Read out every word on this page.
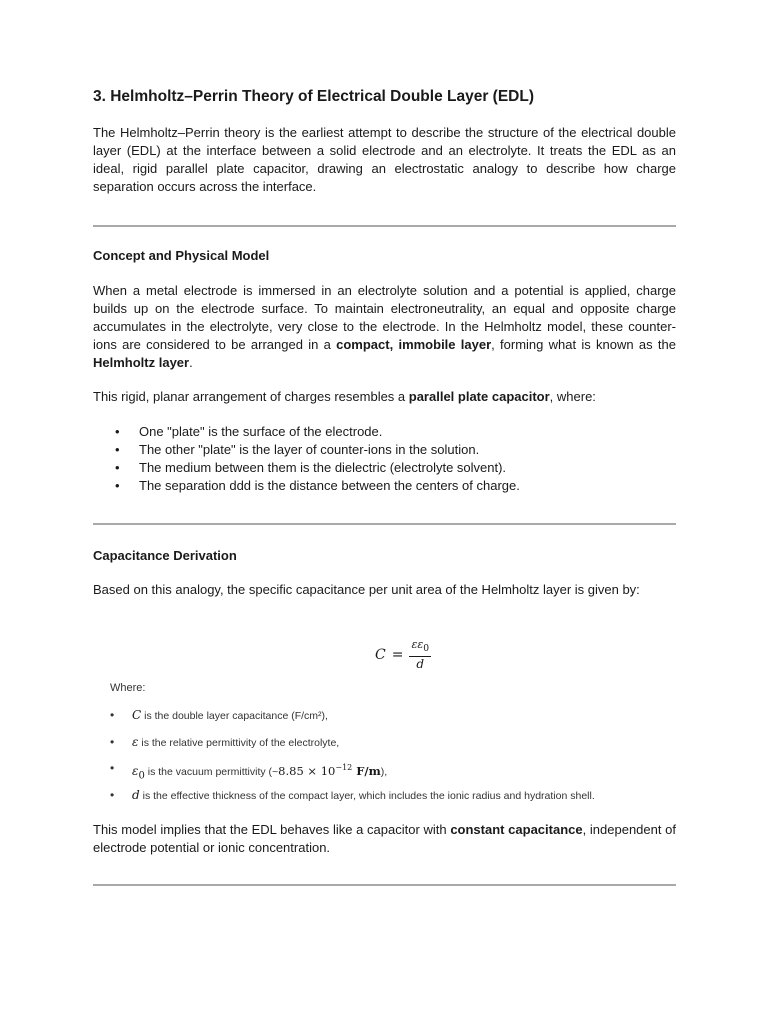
3. Helmholtz–Perrin Theory of Electrical Double Layer (EDL)

The Helmholtz–Perrin theory is the earliest attempt to describe the structure of the electrical double layer (EDL) at the interface between a solid electrode and an electrolyte. It treats the EDL as an ideal, rigid parallel plate capacitor, drawing an electrostatic analogy to describe how charge separation occurs across the interface.

Concept and Physical Model

When a metal electrode is immersed in an electrolyte solution and a potential is applied, charge builds up on the electrode surface. To maintain electroneutrality, an equal and opposite charge accumulates in the electrolyte, very close to the electrode. In the Helmholtz model, these counter-ions are considered to be arranged in a compact, immobile layer, forming what is known as the Helmholtz layer.

This rigid, planar arrangement of charges resembles a parallel plate capacitor, where:

• One "plate" is the surface of the electrode.
• The other "plate" is the layer of counter-ions in the solution.
• The medium between them is the dielectric (electrolyte solvent).
• The separation ddd is the distance between the centers of charge.
Capacitance Derivation

Based on this analogy, the specific capacitance per unit area of the Helmholtz layer is given by:

$C = \frac{\varepsilon\varepsilon_0}{d}$

Where:

• C is the double layer capacitance (F/cm²),
• ε is the relative permittivity of the electrolyte,
• $\varepsilon_0$ is the vacuum permittivity (~8.85 × $10^{-12}$ F/m),
• d is the effective thickness of the compact layer, which includes the ionic radius and hydration shell.

This model implies that the EDL behaves like a capacitor with constant capacitance, independent of electrode potential or ionic concentration.
